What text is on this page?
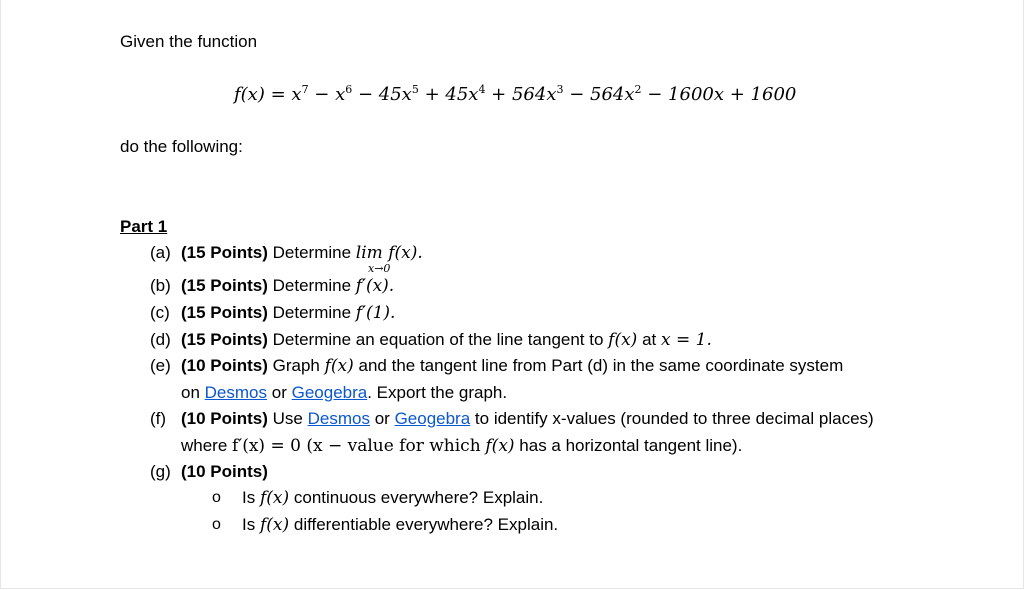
Given the function
$f(x) = x^7 - x^6 - 45x^5 + 45x^4 + 564x^3 - 564x^2 - 1600x + 1600$
do the following:
Part 1
(a) (15 Points) Determine lim f(x).
x→0
(b) (15 Points) Determine f′(x).
(c) (15 Points) Determine f′(1).
(d) (15 Points) Determine an equation of the line tangent to f(x) at x = 1.
(e) (10 Points) Graph f(x) and the tangent line from Part (d) in the same coordinate system
on Desmos or Geogebra. Export the graph.
(f) (10 Points) Use Desmos or Geogebra to identify x-values (rounded to three decimal places)
where f′(x) = 0 (x − value for which f(x) has a horizontal tangent line).
(g) (10 Points)
o Is f(x) continuous everywhere? Explain.
o Is f(x) differentiable everywhere? Explain.
